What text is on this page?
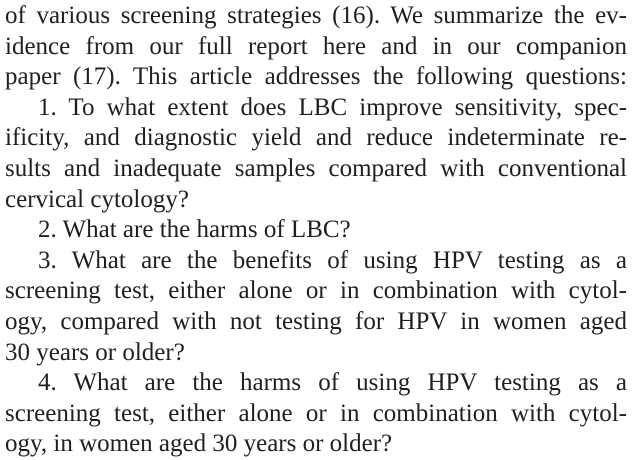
of various screening strategies (16). We summarize the ev-
idence from our full report here and in our companion
paper (17). This article addresses the following questions:
1. To what extent does LBC improve sensitivity, spec-
ificity, and diagnostic yield and reduce indeterminate re-
sults and inadequate samples compared with conventional
cervical cytology?
2. What are the harms of LBC?
3. What are the benefits of using HPV testing as a
screening test, either alone or in combination with cytol-
ogy, compared with not testing for HPV in women aged
30 years or older?
4. What are the harms of using HPV testing as a
screening test, either alone or in combination with cytol-
ogy, in women aged 30 years or older?
